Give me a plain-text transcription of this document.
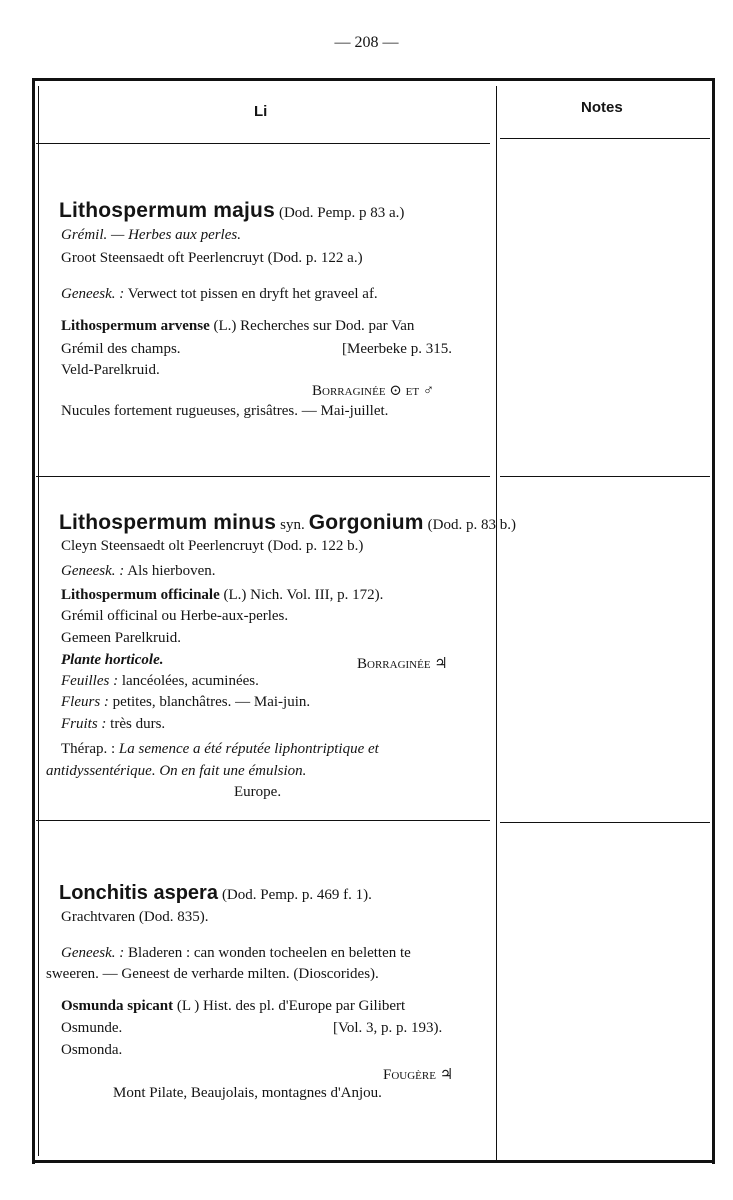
— 208 —
Li	Notes
Lithospermum majus (Dod. Pemp. p 83 a.)
Grémil. — Herbes aux perles.
Groot Steensaedt oft Peerlencruyt (Dod. p. 122 a.)
Geneesk. : Verwect tot pissen en dryft het graveel af.
Lithospermum arvense (L.) Recherches sur Dod. par Van
Grémil des champs.	[Meerbeke p. 315.
Veld-Parelkruid.
Borraginée ⊙ et ♂
Nucules fortement rugueuses, grisâtres. — Mai-juillet.
Lithospermum minus syn. Gorgonium (Dod. p. 83 b.)
Cleyn Steensaedt olt Peerlencruyt (Dod. p. 122 b.)
Geneesk. : Als hierboven.
Lithospermum officinale (L.) Nich. Vol. III, p. 172).
Grémil officinal ou Herbe-aux-perles.
Gemeen Parelkruid.
Plante horticole.	Borraginée ♃
Feuilles : lancéolées, acuminées.
Fleurs : petites, blanchâtres. — Mai-juin.
Fruits : très durs.
Thérap. : La semence a été réputée liphontriptique et
antidyssentérique. On en fait une émulsion.
Europe.
Lonchitis aspera (Dod. Pemp. p. 469 f. 1).
Grachtvaren (Dod. 835).
Geneesk. : Bladeren : can wonden tocheelen en beletten te
sweeren. — Geneest de verharde milten. (Dioscorides).
Osmunda spicant (L ) Hist. des pl. d'Europe par Gilibert
Osmunde.	[Vol. 3, p. p. 193).
Osmonda.
Fougère ♃
Mont Pilate, Beaujolais, montagnes d'Anjou.
